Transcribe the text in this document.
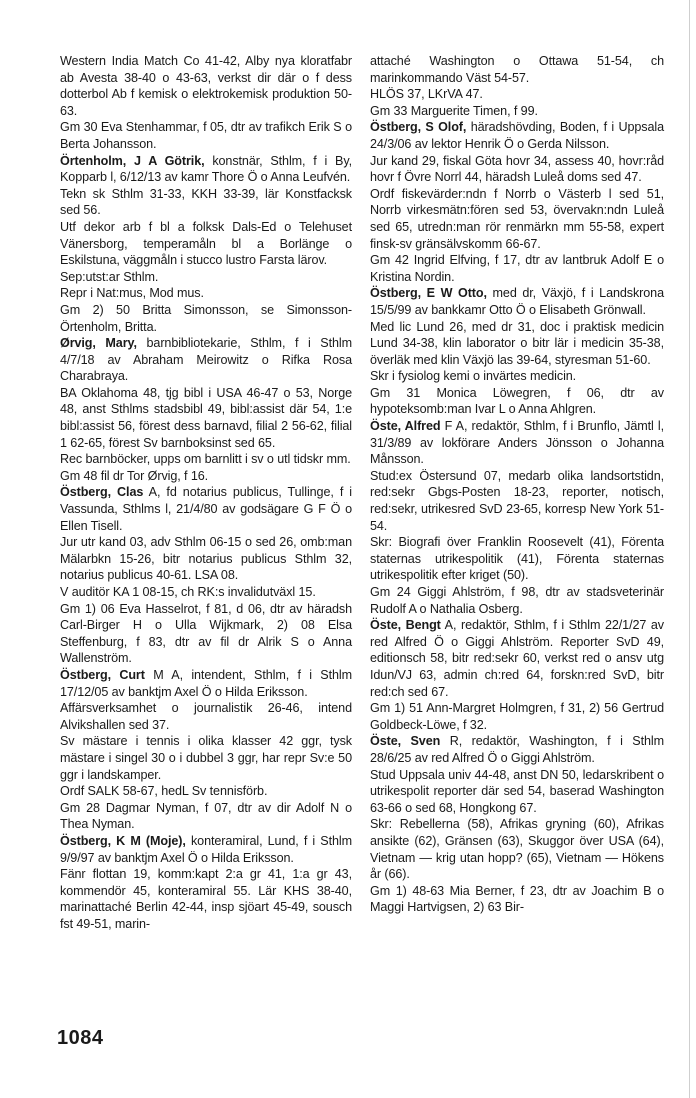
Western India Match Co 41-42, Alby nya kloratfabr ab Avesta 38-40 o 43-63, verkst dir där o f dess dotterbol Ab f kemisk o elektrokemisk produktion 50-63.

Gm 30 Eva Stenhammar, f 05, dtr av trafikch Erik S o Berta Johansson.

Örtenholm, J A Götrik, konstnär, Sthlm, f i By, Kopparb l, 6/12/13 av kamr Thore Ö o Anna Leufvén.

Tekn sk Sthlm 31-33, KKH 33-39, lär Konstfacksk sed 56.

Utf dekor arb f bl a folksk Dals-Ed o Telehuset Vänersborg, temperamåln bl a Borlänge o Eskilstuna, väggmåln i stucco lustro Farsta lärov.

Sep:utst:ar Sthlm.

Repr i Nat:mus, Mod mus.

Gm 2) 50 Britta Simonsson, se Simonsson-Örtenholm, Britta.

Ørvig, Mary, barnbibliotekarie, Sthlm, f i Sthlm 4/7/18 av Abraham Meirowitz o Rifka Rosa Charabraya.

BA Oklahoma 48, tjg bibl i USA 46-47 o 53, Norge 48, anst Sthlms stadsbibl 49, bibl:assist där 54, 1:e bibl:assist 56, förest dess barnavd, filial 2 56-62, filial 1 62-65, förest Sv barnboksinst sed 65.

Rec barnböcker, upps om barnlitt i sv o utl tidskr mm.

Gm 48 fil dr Tor Ørvig, f 16.

Östberg, Clas A, fd notarius publicus, Tullinge, f i Vassunda, Sthlms l, 21/4/80 av godsägare G F Ö o Ellen Tisell.

Jur utr kand 03, adv Sthlm 06-15 o sed 26, omb:man Mälarbkn 15-26, bitr notarius publicus Sthlm 32, notarius publicus 40-61. LSA 08.

V auditör KA 1 08-15, ch RK:s invalidutväxl 15.

Gm 1) 06 Eva Hasselrot, f 81, d 06, dtr av häradsh Carl-Birger H o Ulla Wijkmark, 2) 08 Elsa Steffenburg, f 83, dtr av fil dr Alrik S o Anna Wallenström.

Östberg, Curt M A, intendent, Sthlm, f i Sthlm 17/12/05 av banktjm Axel Ö o Hilda Eriksson.

Affärsverksamhet o journalistik 26-46, intend Alvikshallen sed 37.

Sv mästare i tennis i olika klasser 42 ggr, tysk mästare i singel 30 o i dubbel 3 ggr, har repr Sv:e 50 ggr i landskamper.

Ordf SALK 58-67, hedL Sv tennisförb.

Gm 28 Dagmar Nyman, f 07, dtr av dir Adolf N o Thea Nyman.

Östberg, K M (Moje), konteramiral, Lund, f i Sthlm 9/9/97 av banktjm Axel Ö o Hilda Eriksson.

Fänr flottan 19, komm:kapt 2:a gr 41, 1:a gr 43, kommendör 45, konteramiral 55. Lär KHS 38-40, marinattaché Berlin 42-44, insp sjöart 45-49, sousch fst 49-51, marin-

attaché Washington o Ottawa 51-54, ch marinkommando Väst 54-57.

HLÖS 37, LKrVA 47.

Gm 33 Marguerite Timen, f 99.

Östberg, S Olof, häradshövding, Boden, f i Uppsala 24/3/06 av lektor Henrik Ö o Gerda Nilsson.

Jur kand 29, fiskal Göta hovr 34, assess 40, hovr:råd hovr f Övre Norrl 44, häradsh Luleå doms sed 47.

Ordf fiskevärder:ndn f Norrb o Västerb l sed 51, Norrb virkesmätn:fören sed 53, övervakn:ndn Luleå sed 65, utredn:man rör renmärkn mm 55-58, expert finsk-sv gränsälvskomm 66-67.

Gm 42 Ingrid Elfving, f 17, dtr av lantbruk Adolf E o Kristina Nordin.

Östberg, E W Otto, med dr, Växjö, f i Landskrona 15/5/99 av bankkamr Otto Ö o Elisabeth Grönwall.

Med lic Lund 26, med dr 31, doc i praktisk medicin Lund 34-38, klin laborator o bitr lär i medicin 35-38, överläk med klin Växjö las 39-64, styresman 51-60.

Skr i fysiolog kemi o invärtes medicin.

Gm 31 Monica Löwegren, f 06, dtr av hypoteksomb:man Ivar L o Anna Ahlgren.

Öste, Alfred F A, redaktör, Sthlm, f i Brunflo, Jämtl l, 31/3/89 av lokförare Anders Jönsson o Johanna Månsson.

Stud:ex Östersund 07, medarb olika landsortstidn, red:sekr Gbgs-Posten 18-23, reporter, notisch, red:sekr, utrikesred SvD 23-65, korresp New York 51-54.

Skr: Biografi över Franklin Roosevelt (41), Förenta staternas utrikespolitik (41), Förenta staternas utrikespolitik efter kriget (50).

Gm 24 Giggi Ahlström, f 98, dtr av stadsveterinär Rudolf A o Nathalia Osberg.

Öste, Bengt A, redaktör, Sthlm, f i Sthlm 22/1/27 av red Alfred Ö o Giggi Ahlström. Reporter SvD 49, editionsch 58, bitr red:sekr 60, verkst red o ansv utg Idun/VJ 63, admin ch:red 64, forskn:red SvD, bitr red:ch sed 67.

Gm 1) 51 Ann-Margret Holmgren, f 31, 2) 56 Gertrud Goldbeck-Löwe, f 32.

Öste, Sven R, redaktör, Washington, f i Sthlm 28/6/25 av red Alfred Ö o Giggi Ahlström.

Stud Uppsala univ 44-48, anst DN 50, ledarskribent o utrikespolit reporter där sed 54, baserad Washington 63-66 o sed 68, Hongkong 67.

Skr: Rebellerna (58), Afrikas gryning (60), Afrikas ansikte (62), Gränsen (63), Skuggor över USA (64), Vietnam — krig utan hopp? (65), Vietnam — Hökens år (66).

Gm 1) 48-63 Mia Berner, f 23, dtr av Joachim B o Maggi Hartvigsen, 2) 63 Bir-

1084
